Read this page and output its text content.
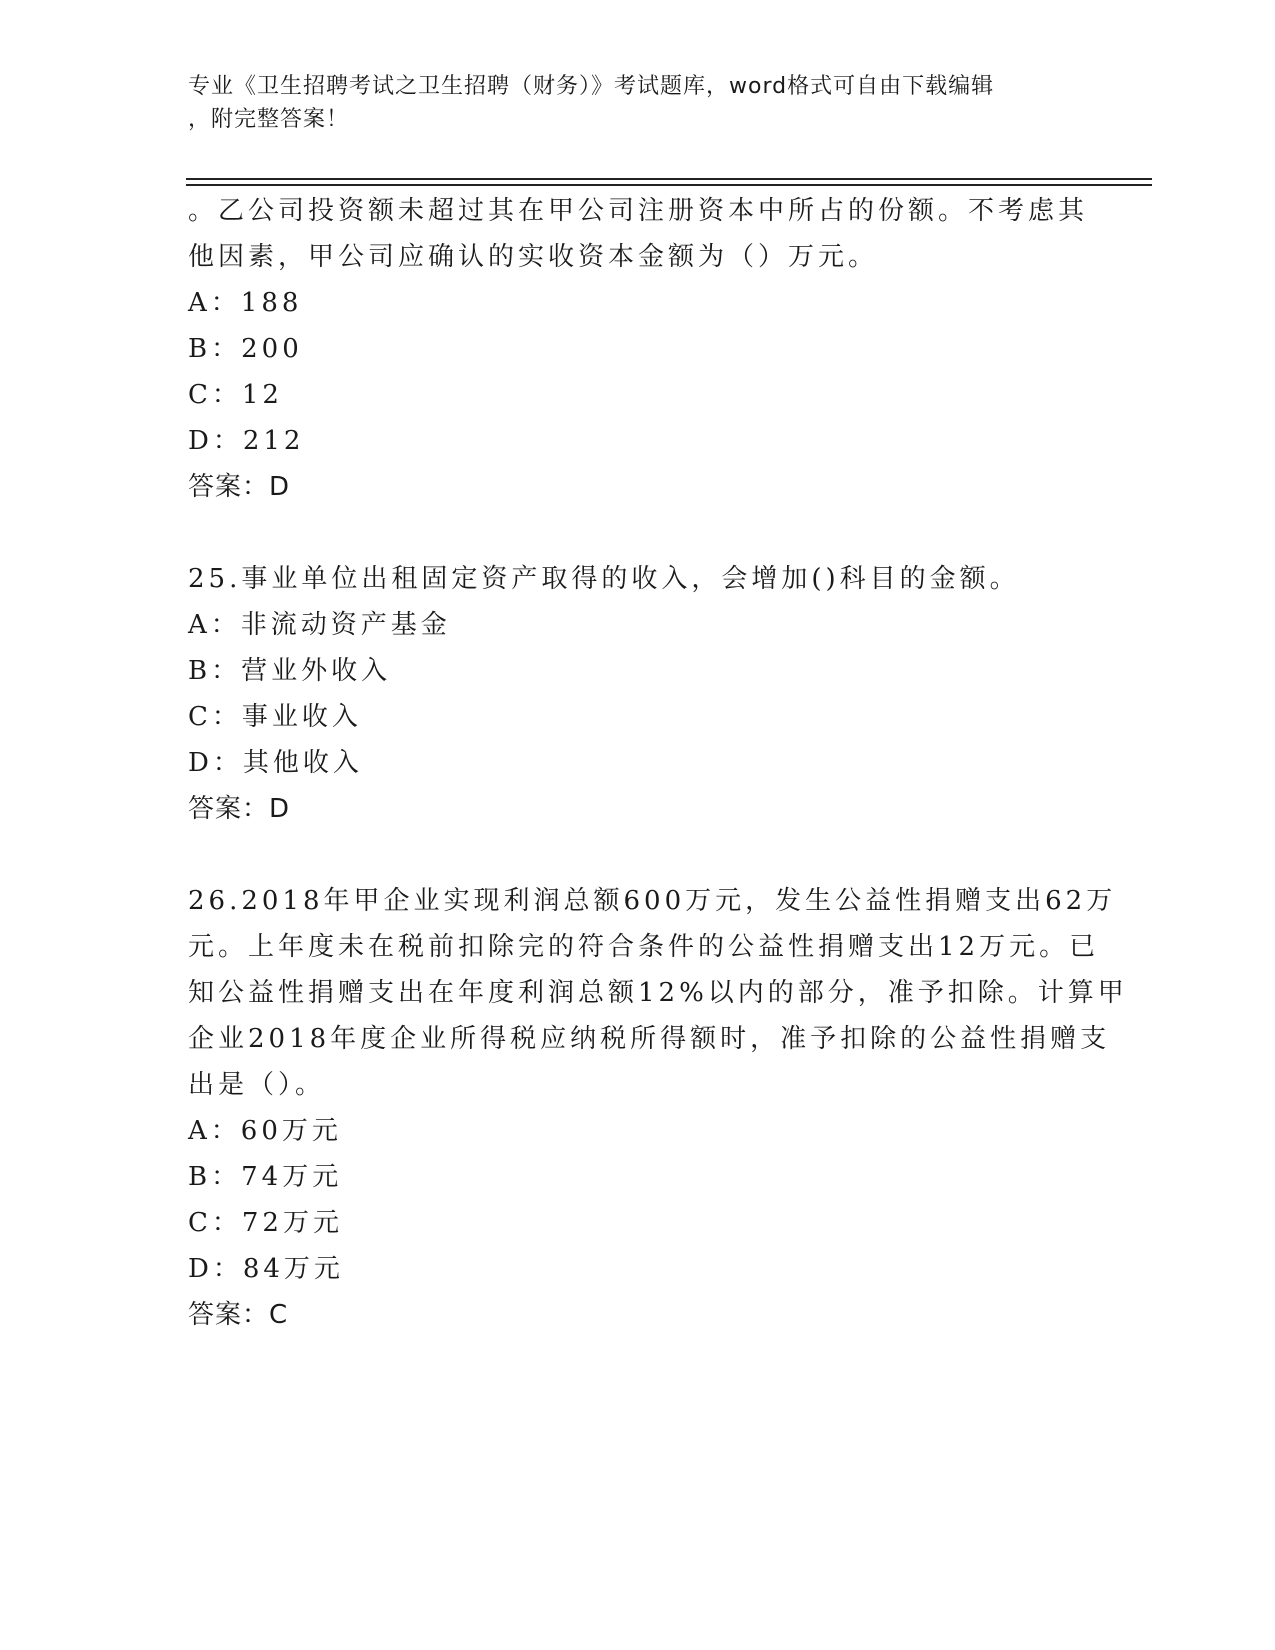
专业《卫生招聘考试之卫生招聘（财务）》考试题库，word格式可自由下载编辑
，附完整答案！
。乙公司投资额未超过其在甲公司注册资本中所占的份额。不考虑其
他因素，甲公司应确认的实收资本金额为（）万元。
A：188
B：200
C：12
D：212
答案：D
25.事业单位出租固定资产取得的收入，会增加()科目的金额。
A：非流动资产基金
B：营业外收入
C：事业收入
D：其他收入
答案：D
26.2018年甲企业实现利润总额600万元，发生公益性捐赠支出62万
元。上年度未在税前扣除完的符合条件的公益性捐赠支出12万元。已
知公益性捐赠支出在年度利润总额12%以内的部分，准予扣除。计算甲
企业2018年度企业所得税应纳税所得额时，准予扣除的公益性捐赠支
出是（）。
A：60万元
B：74万元
C：72万元
D：84万元
答案：C
